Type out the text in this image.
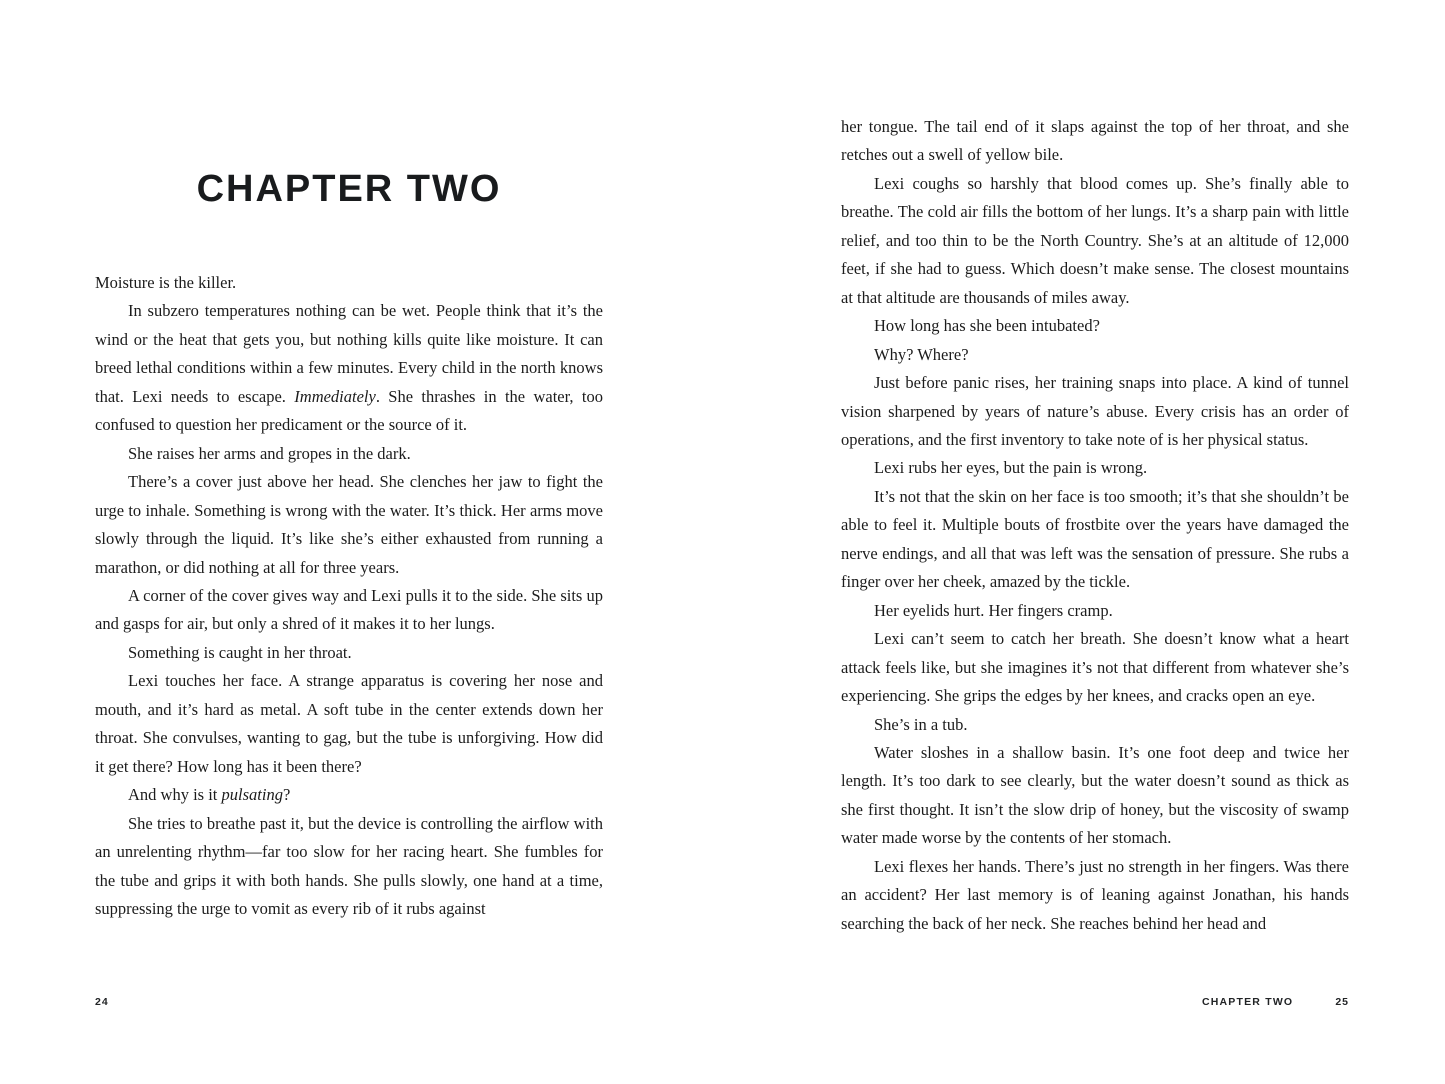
CHAPTER TWO

Moisture is the killer.

In subzero temperatures nothing can be wet. People think that it’s the wind or the heat that gets you, but nothing kills quite like moisture. It can breed lethal conditions within a few minutes. Every child in the north knows that. Lexi needs to escape. Immediately. She thrashes in the water, too confused to question her predicament or the source of it.

She raises her arms and gropes in the dark.

There’s a cover just above her head. She clenches her jaw to fight the urge to inhale. Something is wrong with the water. It’s thick. Her arms move slowly through the liquid. It’s like she’s either exhausted from running a marathon, or did nothing at all for three years.

A corner of the cover gives way and Lexi pulls it to the side. She sits up and gasps for air, but only a shred of it makes it to her lungs.

Something is caught in her throat.

Lexi touches her face. A strange apparatus is covering her nose and mouth, and it’s hard as metal. A soft tube in the center extends down her throat. She convulses, wanting to gag, but the tube is unforgiving. How did it get there? How long has it been there?

And why is it pulsating?

She tries to breathe past it, but the device is controlling the airflow with an unrelenting rhythm—far too slow for her racing heart. She fumbles for the tube and grips it with both hands. She pulls slowly, one hand at a time, suppressing the urge to vomit as every rib of it rubs against

24

her tongue. The tail end of it slaps against the top of her throat, and she retches out a swell of yellow bile.

Lexi coughs so harshly that blood comes up. She’s finally able to breathe. The cold air fills the bottom of her lungs. It’s a sharp pain with little relief, and too thin to be the North Country. She’s at an altitude of 12,000 feet, if she had to guess. Which doesn’t make sense. The closest mountains at that altitude are thousands of miles away.

How long has she been intubated?

Why? Where?

Just before panic rises, her training snaps into place. A kind of tunnel vision sharpened by years of nature’s abuse. Every crisis has an order of operations, and the first inventory to take note of is her physical status.

Lexi rubs her eyes, but the pain is wrong.

It’s not that the skin on her face is too smooth; it’s that she shouldn’t be able to feel it. Multiple bouts of frostbite over the years have damaged the nerve endings, and all that was left was the sensation of pressure. She rubs a finger over her cheek, amazed by the tickle.

Her eyelids hurt. Her fingers cramp.

Lexi can’t seem to catch her breath. She doesn’t know what a heart attack feels like, but she imagines it’s not that different from whatever she’s experiencing. She grips the edges by her knees, and cracks open an eye.

She’s in a tub.

Water sloshes in a shallow basin. It’s one foot deep and twice her length. It’s too dark to see clearly, but the water doesn’t sound as thick as she first thought. It isn’t the slow drip of honey, but the viscosity of swamp water made worse by the contents of her stomach.

Lexi flexes her hands. There’s just no strength in her fingers. Was there an accident? Her last memory is of leaning against Jonathan, his hands searching the back of her neck. She reaches behind her head and

CHAPTER TWO	25
